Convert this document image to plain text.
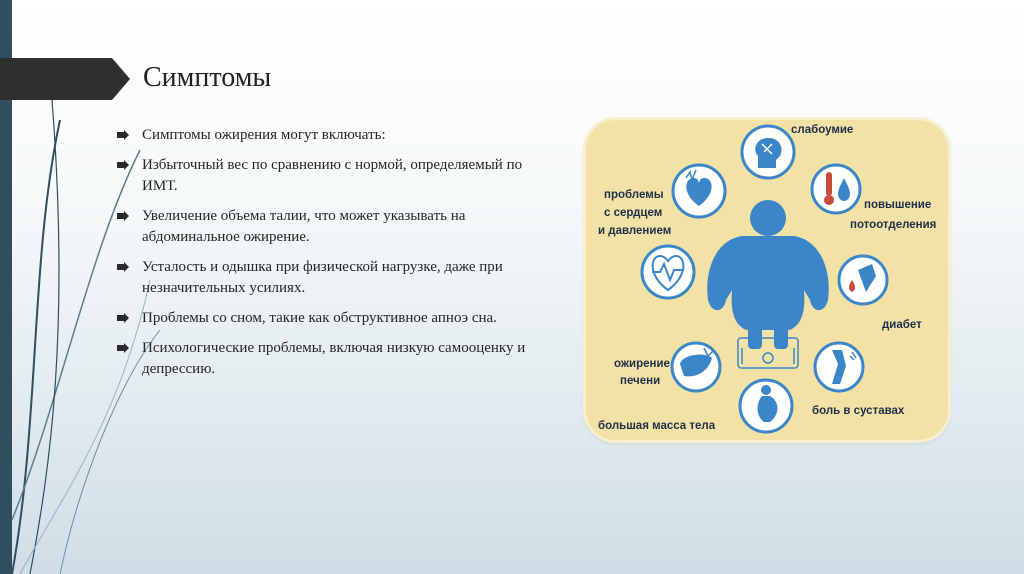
Симптомы
Симптомы ожирения могут включать:
Избыточный вес по сравнению с нормой, определяемый по ИМТ.
Увеличение объема талии, что может указывать на абдоминальное ожирение.
Усталость и одышка при физической нагрузке, даже при незначительных усилиях.
Проблемы со сном, такие как обструктивное апноэ сна.
Психологические проблемы, включая низкую самооценку и депрессию.
слабоумие
проблемы
с сердцем
и давлением
повышение
потоотделения
диабет
ожирение
печени
большая масса тела
боль в суставах
